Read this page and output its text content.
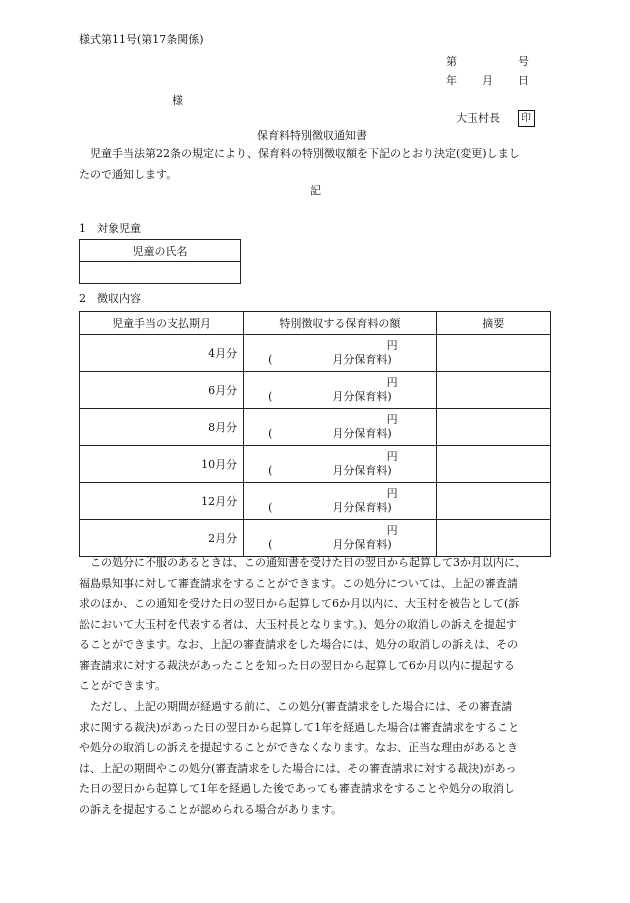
様式第11号(第17条関係)
第	号
年 月 日
様
大玉村長 印
保育料特別徴収通知書
児童手当法第22条の規定により、保育料の特別徴収額を下記のとおり決定(変更)しまし
たので通知します。
記
1　対象児童
児童の氏名

2　徴収内容
児童手当の支払期月	特別徴収する保育料の額	摘要
4月分	円
( 月分保育料)	

6月分	円
( 月分保育料)	

8月分	円
( 月分保育料)	

10月分	円
( 月分保育料)	

12月分	円
( 月分保育料)	

2月分	円
( 月分保育料)	

　この処分に不服のあるときは、この通知書を受けた日の翌日から起算して3か月以内に、
福島県知事に対して審査請求をすることができます。この処分については、上記の審査請
求のほか、この通知を受けた日の翌日から起算して6か月以内に、大玉村を被告として(訴
訟において大玉村を代表する者は、大玉村長となります。)、処分の取消しの訴えを提起す
ることができます。なお、上記の審査請求をした場合には、処分の取消しの訴えは、その
審査請求に対する裁決があったことを知った日の翌日から起算して6か月以内に提起する
ことができます。
　ただし、上記の期間が経過する前に、この処分(審査請求をした場合には、その審査請
求に関する裁決)があった日の翌日から起算して1年を経過した場合は審査請求をすること
や処分の取消しの訴えを提起することができなくなります。なお、正当な理由があるとき
は、上記の期間やこの処分(審査請求をした場合には、その審査請求に対する裁決)があっ
た日の翌日から起算して1年を経過した後であっても審査請求をすることや処分の取消し
の訴えを提起することが認められる場合があります。
